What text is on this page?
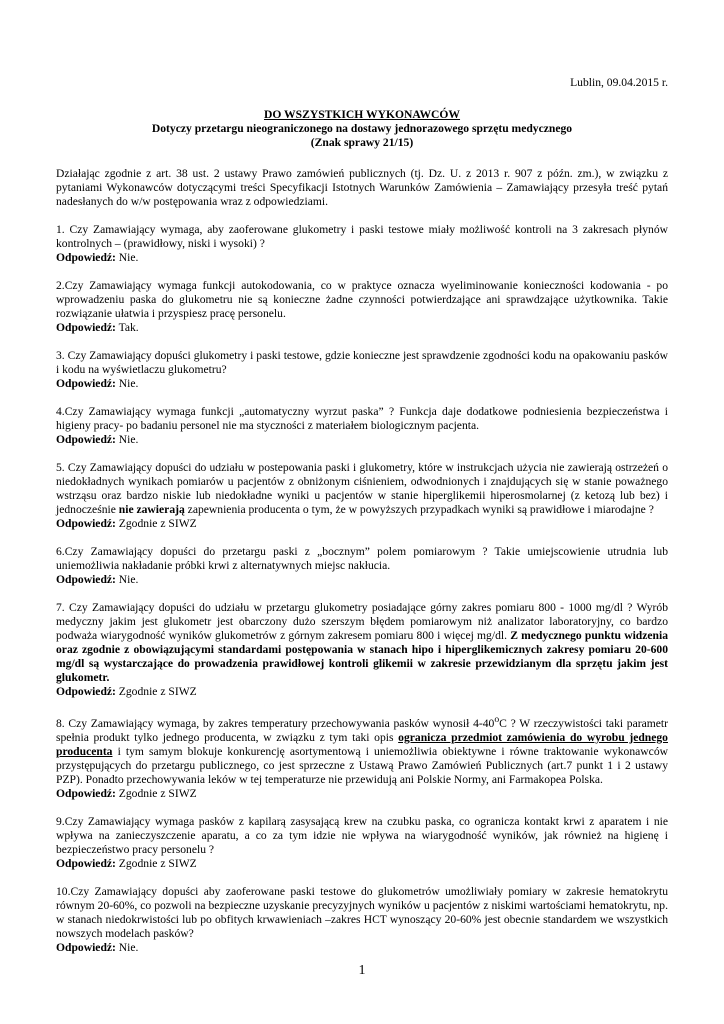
Lublin, 09.04.2015 r.
DO WSZYSTKICH WYKONAWCÓW
Dotyczy przetargu nieograniczonego na dostawy jednorazowego sprzętu medycznego
(Znak sprawy 21/15)

Działając zgodnie z art. 38 ust. 2 ustawy Prawo zamówień publicznych (tj. Dz. U. z 2013 r. 907 z późn. zm.), w związku z pytaniami Wykonawców dotyczącymi treści Specyfikacji Istotnych Warunków Zamówienia – Zamawiający przesyła treść pytań nadesłanych do w/w postępowania wraz z odpowiedziami.

1. Czy Zamawiający wymaga, aby zaoferowane glukometry i paski testowe miały możliwość kontroli na 3 zakresach płynów kontrolnych – (prawidłowy, niski i wysoki) ?
Odpowiedź: Nie.

2.Czy Zamawiający wymaga funkcji autokodowania, co w praktyce oznacza wyeliminowanie konieczności kodowania - po wprowadzeniu paska do glukometru nie są konieczne żadne czynności potwierdzające ani sprawdzające użytkownika. Takie rozwiązanie ułatwia i przyspiesz pracę personelu.
Odpowiedź: Tak.

3. Czy Zamawiający dopuści glukometry i paski testowe, gdzie konieczne jest sprawdzenie zgodności kodu na opakowaniu pasków i kodu na wyświetlaczu glukometru?
Odpowiedź: Nie.

4.Czy Zamawiający wymaga funkcji „automatyczny wyrzut paska” ? Funkcja daje dodatkowe podniesienia bezpieczeństwa i higieny pracy- po badaniu personel nie ma styczności z materiałem biologicznym pacjenta.
Odpowiedź: Nie.

5. Czy Zamawiający dopuści do udziału w postepowania paski i glukometry, które w instrukcjach użycia nie zawierają ostrzeżeń o niedokładnych wynikach pomiarów u pacjentów z obniżonym ciśnieniem, odwodnionych i znajdujących się w stanie poważnego wstrząsu oraz bardzo niskie lub niedokładne wyniki u pacjentów w stanie hiperglikemii hiperosmolarnej (z ketozą lub bez) i jednocześnie nie zawierają zapewnienia producenta o tym, że w powyższych przypadkach wyniki są prawidłowe i miarodajne ?
Odpowiedź: Zgodnie z SIWZ

6.Czy Zamawiający dopuści do przetargu paski z „bocznym” polem pomiarowym ? Takie umiejscowienie utrudnia lub uniemożliwia nakładanie próbki krwi z alternatywnych miejsc nakłucia.
Odpowiedź: Nie.

7. Czy Zamawiający dopuści do udziału w przetargu glukometry posiadające górny zakres pomiaru 800 - 1000 mg/dl ? Wyrób medyczny jakim jest glukometr jest obarczony dużo szerszym błędem pomiarowym niż analizator laboratoryjny, co bardzo podważa wiarygodność wyników glukometrów z górnym zakresem pomiaru 800 i więcej mg/dl. Z medycznego punktu widzenia oraz zgodnie z obowiązującymi standardami postępowania w stanach hipo i hiperglikemicznych zakresy pomiaru 20-600 mg/dl są wystarczające do prowadzenia prawidłowej kontroli glikemii w zakresie przewidzianym dla sprzętu jakim jest glukometr.
Odpowiedź: Zgodnie z SIWZ

8. Czy Zamawiający wymaga, by zakres temperatury przechowywania pasków wynosił 4-40$^o$C ? W rzeczywistości taki parametr spełnia produkt tylko jednego producenta, w związku z tym taki opis ogranicza przedmiot zamówienia do wyrobu jednego producenta i tym samym blokuje konkurencję asortymentową i uniemożliwia obiektywne i równe traktowanie wykonawców przystępujących do przetargu publicznego, co jest sprzeczne z Ustawą Prawo Zamówień Publicznych (art.7 punkt 1 i 2 ustawy PZP). Ponadto przechowywania leków w tej temperaturze nie przewidują ani Polskie Normy, ani Farmakopea Polska.
Odpowiedź: Zgodnie z SIWZ

9.Czy Zamawiający wymaga pasków z kapilarą zasysającą krew na czubku paska, co ogranicza kontakt krwi z aparatem i nie wpływa na zanieczyszczenie aparatu, a co za tym idzie nie wpływa na wiarygodność wyników, jak również na higienę i bezpieczeństwo pracy personelu ?
Odpowiedź: Zgodnie z SIWZ

10.Czy Zamawiający dopuści aby zaoferowane paski testowe do glukometrów umożliwiały pomiary w zakresie hematokrytu równym 20-60%, co pozwoli na bezpieczne uzyskanie precyzyjnych wyników u pacjentów z niskimi wartościami hematokrytu, np. w stanach niedokrwistości lub po obfitych krwawieniach –zakres HCT wynoszący 20-60% jest obecnie standardem we wszystkich nowszych modelach pasków?
Odpowiedź: Nie.

1
